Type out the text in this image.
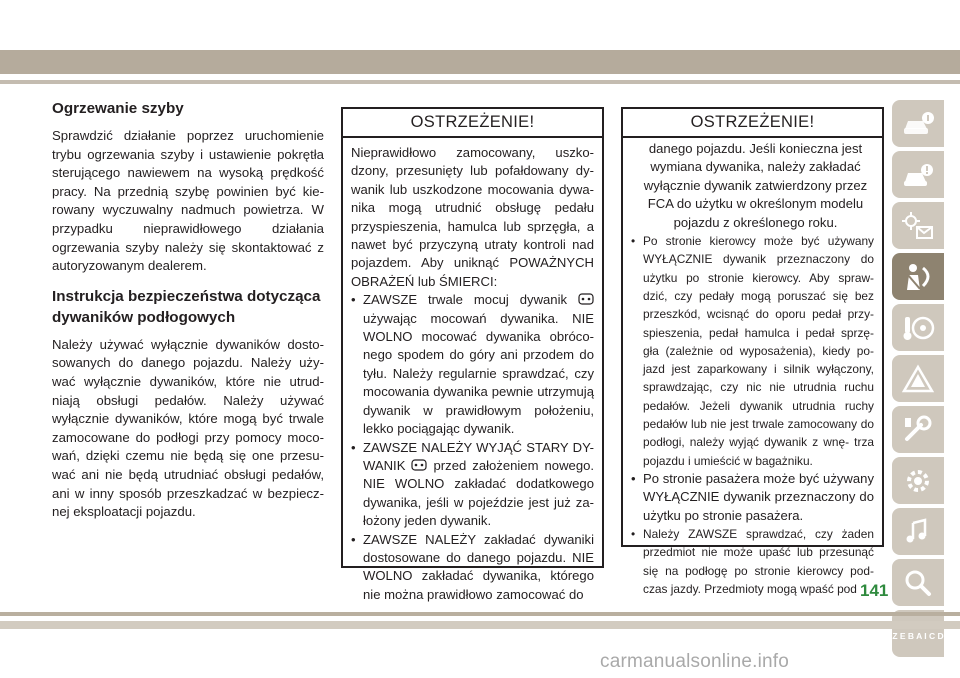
Ogrzewanie szyby

Sprawdzić działanie poprzez uruchomienie trybu ogrzewania szyby i ustawienie pokrętła sterującego nawiewem na wysoką prędkość pracy. Na przednią szybę powinien być kie- rowany wyczuwalny nadmuch powietrza. W przypadku nieprawidłowego działania ogrzewania szyby należy się skontaktować z autoryzowanym dealerem.

Instrukcja bezpieczeństwa dotycząca dywaników podłogowych

Należy używać wyłącznie dywaników dosto- sowanych do danego pojazdu. Należy uży- wać wyłącznie dywaników, które nie utrud- niają obsługi pedałów. Należy używać wyłącznie dywaników, które mogą być trwale zamocowane do podłogi przy pomocy moco- wań, dzięki czemu nie będą się one przesu- wać ani nie będą utrudniać obsługi pedałów, ani w inny sposób przeszkadzać w bezpiecz- nej eksploatacji pojazdu.

OSTRZEŻENIE!
Nieprawidłowo zamocowany, uszko- dzony, przesunięty lub pofałdowany dy- wanik lub uszkodzone mocowania dywa- nika mogą utrudnić obsługę pedału przyspieszenia, hamulca lub sprzęgła, a nawet być przyczyną utraty kontroli nad pojazdem. Aby uniknąć POWAŻNYCH OBRAŻEŃ lub ŚMIERCI:
• ZAWSZE trwale mocuj dywanik  używając mocowań dywanika. NIE WOLNO mocować dywanika obróco- nego spodem do góry ani przodem do tyłu. Należy regularnie sprawdzać, czy mocowania dywanika pewnie utrzymują dywanik w prawidłowym położeniu, lekko pociągając dywanik.
• ZAWSZE NALEŻY WYJĄĆ STARY DY- WANIK przed założeniem nowego. NIE WOLNO zakładać dodatkowego dywanika, jeśli w pojeździe jest już za- łożony jeden dywanik.
• ZAWSZE NALEŻY zakładać dywaniki dostosowane do danego pojazdu. NIE WOLNO zakładać dywanika, którego nie można prawidłowo zamocować do
OSTRZEŻENIE!
danego pojazdu. Jeśli konieczna jest wymiana dywanika, należy zakładać wyłącznie dywanik zatwierdzony przez FCA do użytku w określonym modelu pojazdu z określonego roku.
• Po stronie kierowcy może być używany WYŁĄCZNIE dywanik przeznaczony do użytku po stronie kierowcy. Aby spraw- dzić, czy pedały mogą poruszać się bez przeszkód, wcisnąć do oporu pedał przy- spieszenia, pedał hamulca i pedał sprzę- gła (zależnie od wyposażenia), kiedy po- jazd jest zaparkowany i silnik wyłączony, sprawdzając, czy nic nie utrudnia ruchu pedałów. Jeżeli dywanik utrudnia ruchy pedałów lub nie jest trwale zamocowany do podłogi, należy wyjąć dywanik z wnę- trza pojazdu i umieścić w bagażniku.
• Po stronie pasażera może być używany WYŁĄCZNIE dywanik przeznaczony do użytku po stronie pasażera.
• Należy ZAWSZE sprawdzać, czy żaden przedmiot nie może upaść lub przesunąć się na podłogę po stronie kierowcy pod- czas jazdy. Przedmioty mogą wpaść pod
Z E B A I C D
141
carmanualsonline.info
